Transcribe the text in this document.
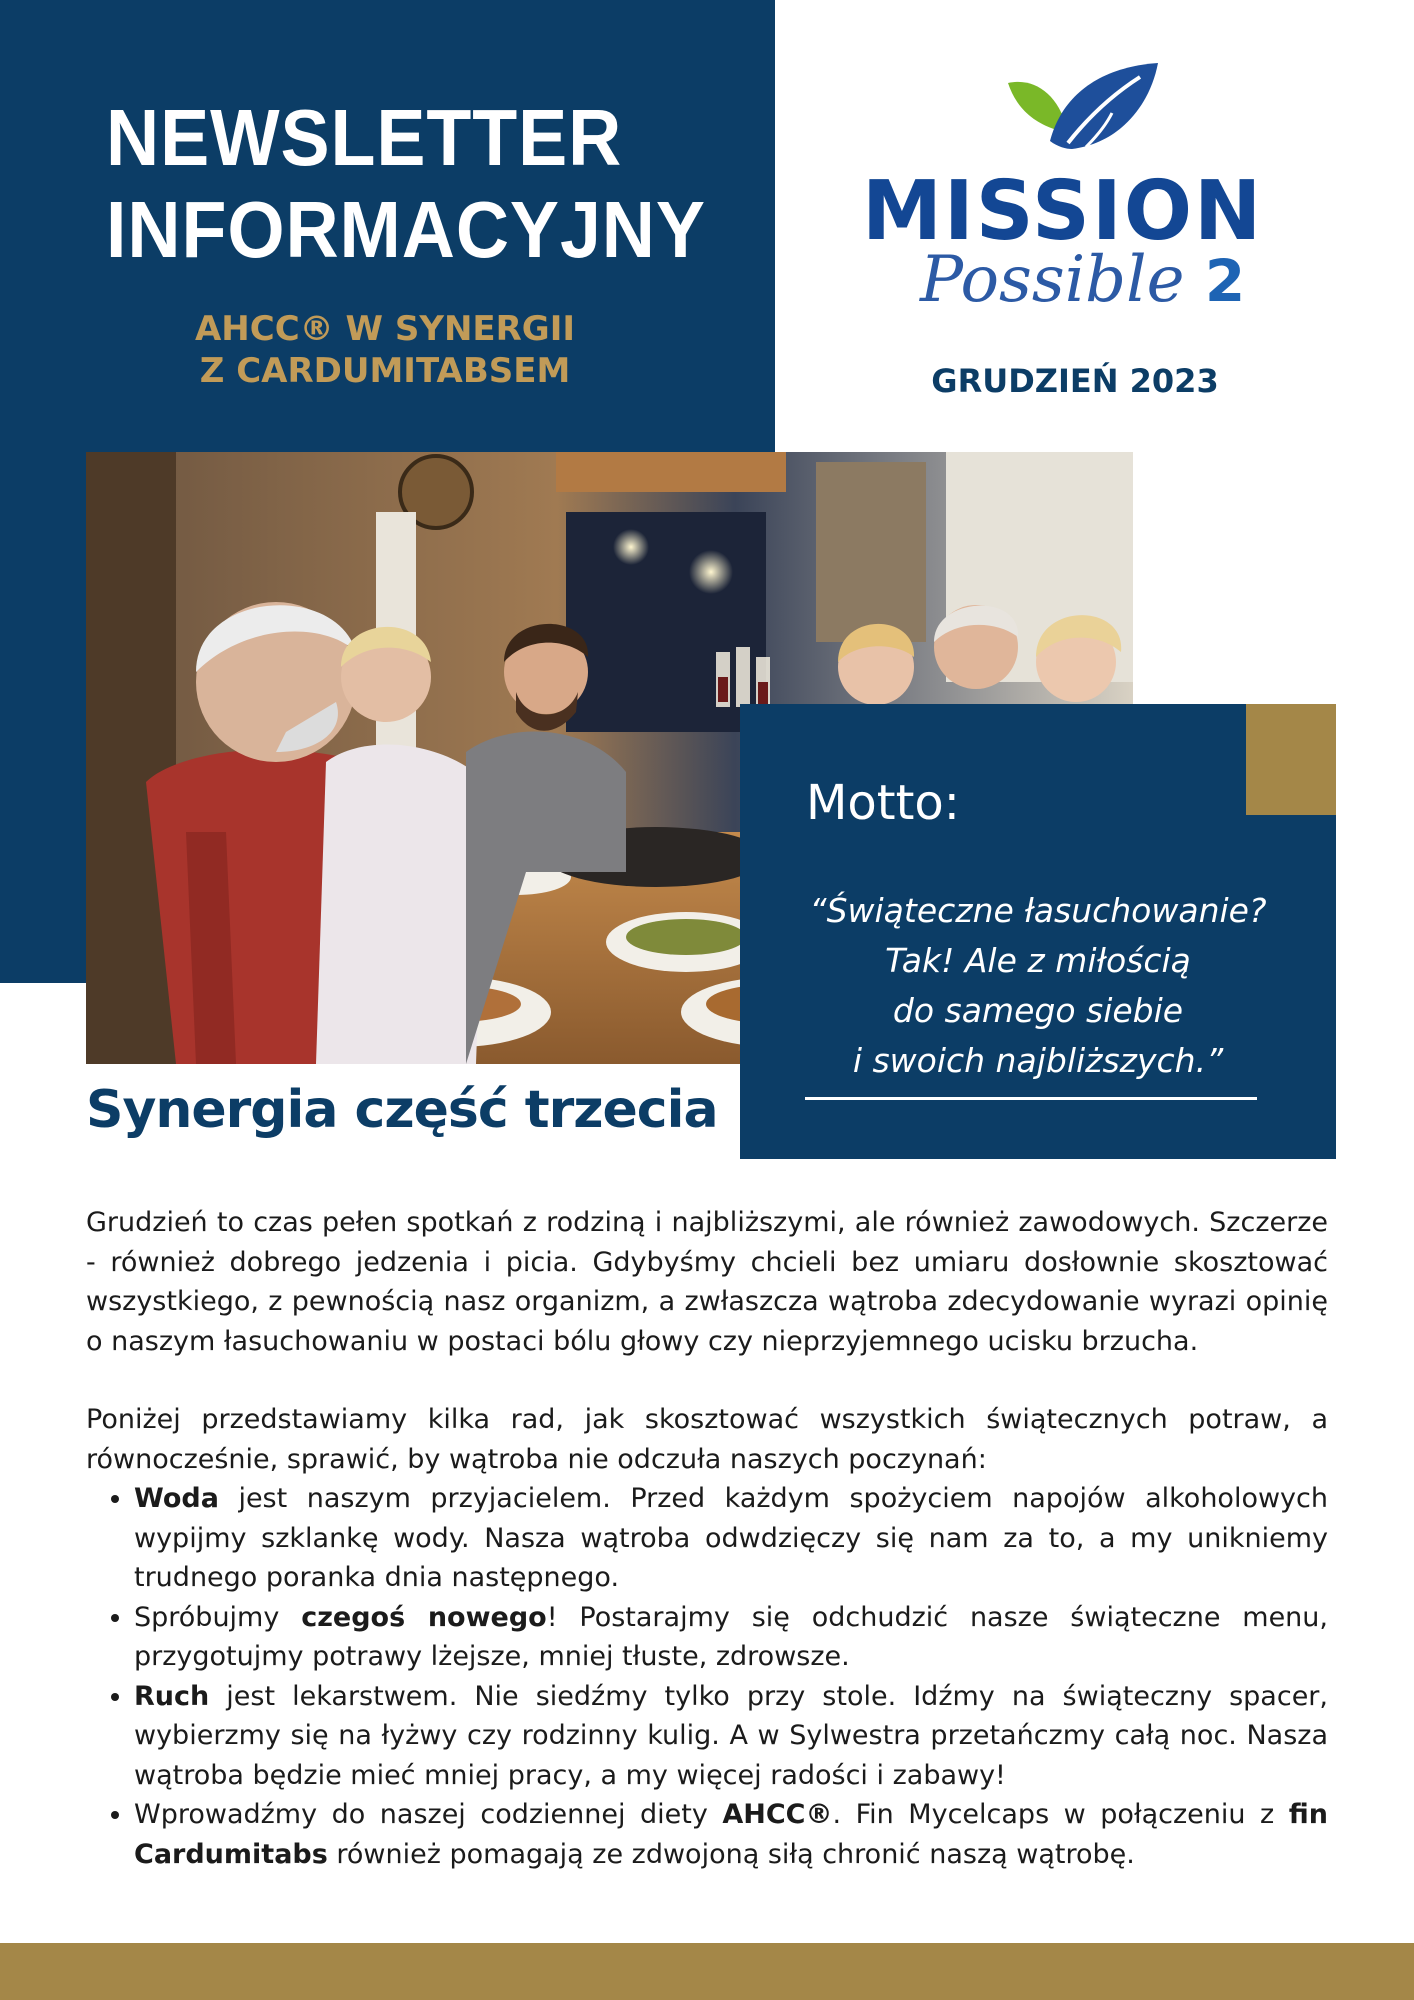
NEWSLETTER
INFORMACYJNY
AHCC® W SYNERGII
Z CARDUMITABSEM
MISSION
Possible 2
GRUDZIEŃ 2023
Motto:
“Świąteczne łasuchowanie?
Tak! Ale z miłością
do samego siebie
i swoich najbliższych.”
Synergia część trzecia

Grudzień to czas pełen spotkań z rodziną i najbliższymi, ale również zawodowych. Szczerze - również dobrego jedzenia i picia. Gdybyśmy chcieli bez umiaru dosłownie skosztować wszystkiego, z pewnością nasz organizm, a zwłaszcza wątroba zdecydowanie wyrazi opinię o naszym łasuchowaniu w postaci bólu głowy czy nieprzyjemnego ucisku brzucha.

Poniżej przedstawiamy kilka rad, jak skosztować wszystkich świątecznych potraw, a równocześnie, sprawić, by wątroba nie odczuła naszych poczynań:

• Woda jest naszym przyjacielem. Przed każdym spożyciem napojów alkoholowych wypijmy szklankę wody. Nasza wątroba odwdzięczy się nam za to, a my unikniemy trudnego poranka dnia następnego.
• Spróbujmy czegoś nowego! Postarajmy się odchudzić nasze świąteczne menu, przygotujmy potrawy lżejsze, mniej tłuste, zdrowsze.
• Ruch jest lekarstwem. Nie siedźmy tylko przy stole. Idźmy na świąteczny spacer, wybierzmy się na łyżwy czy rodzinny kulig. A w Sylwestra przetańczmy całą noc. Nasza wątroba będzie mieć mniej pracy, a my więcej radości i zabawy!
• Wprowadźmy do naszej codziennej diety AHCC®. Fin Mycelcaps w połączeniu z fin Cardumitabs również pomagają ze zdwojoną siłą chronić naszą wątrobę.
